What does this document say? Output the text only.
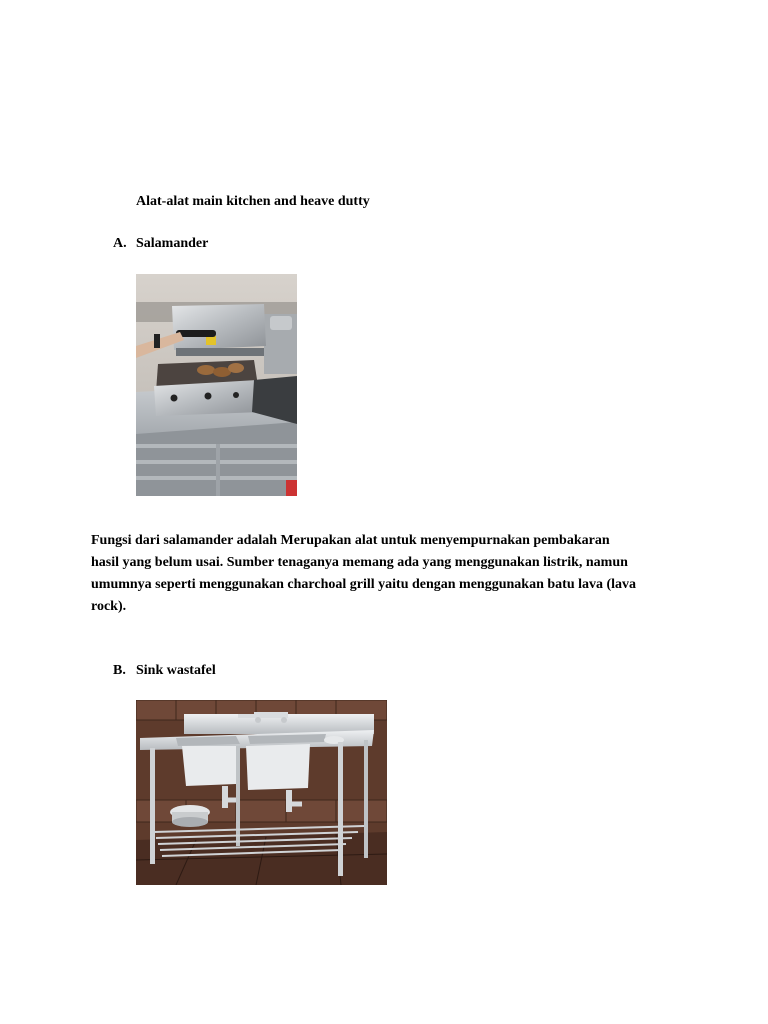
Alat-alat main kitchen and heave dutty
A. Salamander
Fungsi dari salamander adalah Merupakan alat untuk menyempurnakan pembakaran
hasil yang belum usai. Sumber tenaganya memang ada yang menggunakan listrik, namun
umumnya seperti menggunakan charchoal grill yaitu dengan menggunakan batu lava (lava
rock).
B. Sink wastafel
